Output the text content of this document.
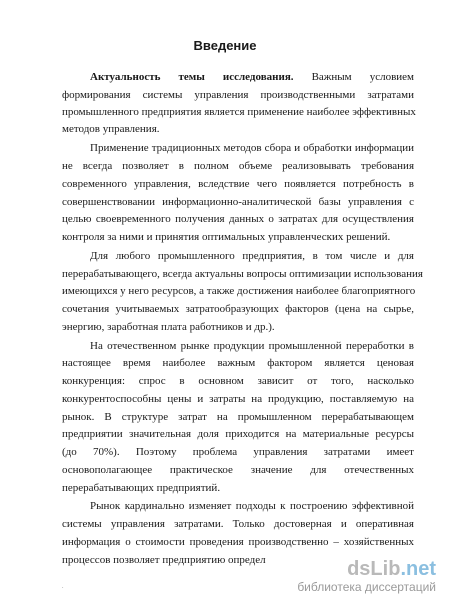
Введение
Актуальность темы исследования. Важным условием
формирования системы управления производственными затратами
промышленного предприятия является применение наиболее эффективных
методов управления.
Применение традиционных методов сбора и обработки информации
не всегда позволяет в полном объеме реализовывать требования
современного управления, вследствие чего появляется потребность в
совершенствовании информационно-аналитической базы управления с
целью своевременного получения данных о затратах для осуществления
контроля за ними и принятия оптимальных управленческих решений.
Для любого промышленного предприятия, в том числе и для
перерабатывающего, всегда актуальны вопросы оптимизации использования
имеющихся у него ресурсов, а также достижения наиболее благоприятного
сочетания учитываемых затратообразующих факторов (цена на сырье,
энергию, заработная плата работников и др.).
На отечественном рынке продукции промышленной переработки в
настоящее время наиболее важным фактором является ценовая
конкуренция: спрос в основном зависит от того, насколько
конкурентоспособны цены и затраты на продукцию, поставляемую на
рынок. В структуре затрат на промышленном перерабатывающем
предприятии значительная доля приходится на материальные ресурсы
(до 70%). Поэтому проблема управления затратами имеет
основополагающее практическое значение для отечественных
перерабатывающих предприятий.
Рынок кардинально изменяет подходы к построению эффективной
системы управления затратами. Только достоверная и оперативная
информация о стоимости проведения производственно – хозяйственных
процессов позволяет предприятию определ
.
dsLib.net
библиотека диссертаций
